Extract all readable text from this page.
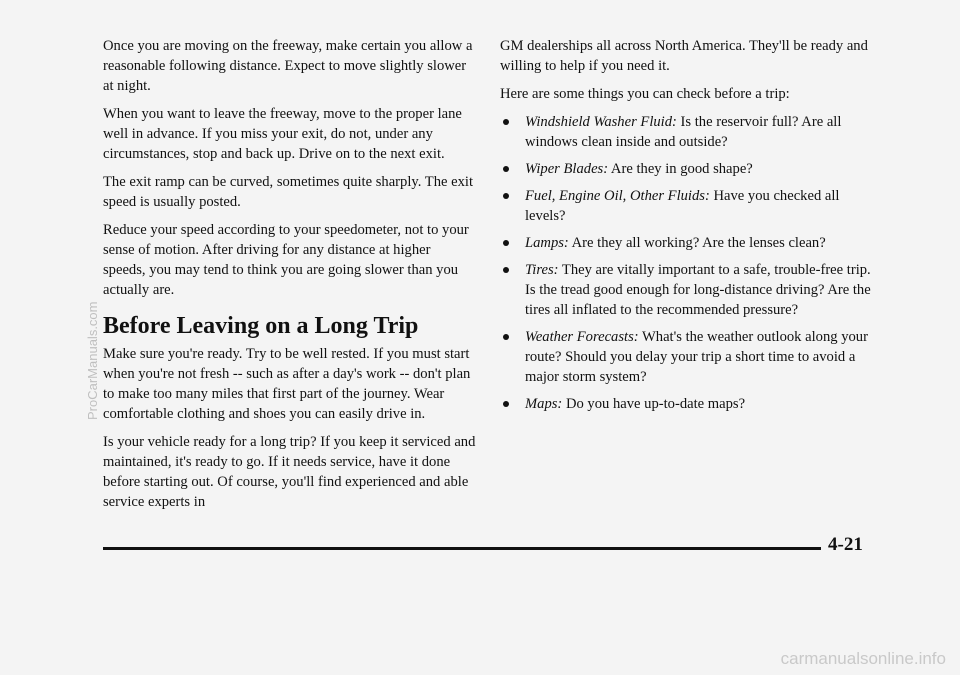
Once you are moving on the freeway, make certain you allow a reasonable following distance. Expect to move slightly slower at night.

When you want to leave the freeway, move to the proper lane well in advance. If you miss your exit, do not, under any circumstances, stop and back up. Drive on to the next exit.

The exit ramp can be curved, sometimes quite sharply. The exit speed is usually posted.

Reduce your speed according to your speedometer, not to your sense of motion. After driving for any distance at higher speeds, you may tend to think you are going slower than you actually are.

Before Leaving on a Long Trip

Make sure you're ready. Try to be well rested. If you must start when you're not fresh -- such as after a day's work -- don't plan to make too many miles that first part of the journey. Wear comfortable clothing and shoes you can easily drive in.

Is your vehicle ready for a long trip? If you keep it serviced and maintained, it's ready to go. If it needs service, have it done before starting out. Of course, you'll find experienced and able service experts in

GM dealerships all across North America. They'll be ready and willing to help if you need it.

Here are some things you can check before a trip:

Windshield Washer Fluid: Is the reservoir full? Are all windows clean inside and outside?
Wiper Blades: Are they in good shape?
Fuel, Engine Oil, Other Fluids: Have you checked all levels?
Lamps: Are they all working? Are the lenses clean?
Tires: They are vitally important to a safe, trouble-free trip. Is the tread good enough for long-distance driving? Are the tires all inflated to the recommended pressure?
Weather Forecasts: What's the weather outlook along your route? Should you delay your trip a short time to avoid a major storm system?
Maps: Do you have up-to-date maps?
4-21
ProCarManuals.com
carmanualsonline.info
